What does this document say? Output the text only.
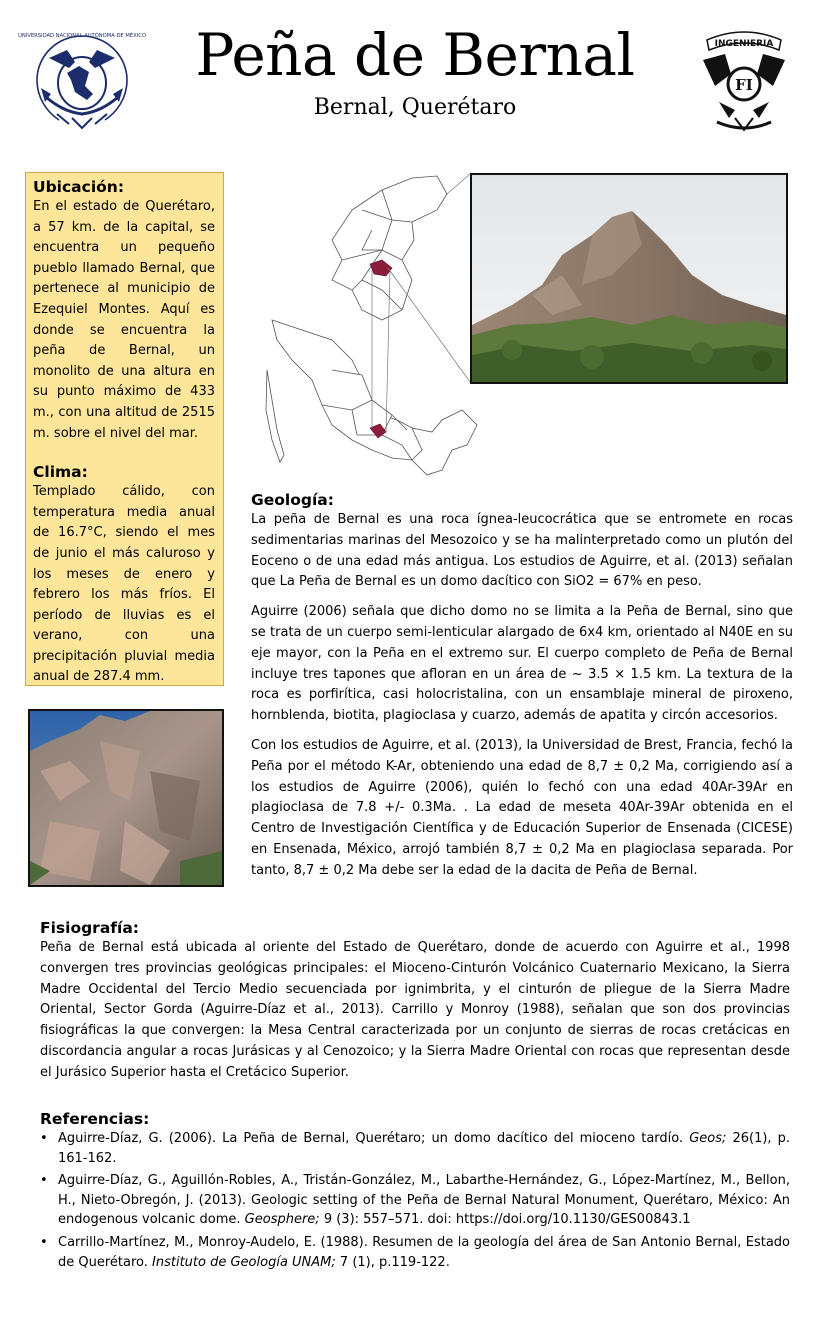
UNIVERSIDAD NACIONAL AUTÓNOMA DE MÉXICO Peña de Bernal
Bernal, Querétaro
INGENIERIA
FI
Ubicación:
En el estado de Querétaro, a 57 km. de la capital, se encuentra un pequeño pueblo llamado Bernal, que pertenece al municipio de Ezequiel Montes. Aquí es donde se encuentra la peña de Bernal, un monolito de una altura en su punto máximo de 433 m., con una altitud de 2515 m. sobre el nivel del mar.
Clima:
Templado cálido, con temperatura media anual de 16.7°C, siendo el mes de junio el más caluroso y los meses de enero y febrero los más fríos. El período de lluvias es el verano, con una precipitación pluvial media anual de 287.4 mm.
Geología:

La peña de Bernal es una roca ígnea-leucocrática que se entromete en rocas sedimentarias marinas del Mesozoico y se ha malinterpretado como un plutón del Eoceno o de una edad más antigua. Los estudios de Aguirre, et al. (2013) señalan que La Peña de Bernal es un domo dacítico con SiO2 = 67% en peso.

Aguirre (2006) señala que dicho domo no se limita a la Peña de Bernal, sino que se trata de un cuerpo semi-lenticular alargado de 6x4 km, orientado al N40E en su eje mayor, con la Peña en el extremo sur. El cuerpo completo de Peña de Bernal incluye tres tapones que afloran en un área de ~ 3.5 × 1.5 km. La textura de la roca es porfirítica, casi holocristalina, con un ensamblaje mineral de piroxeno, hornblenda, biotita, plagioclasa y cuarzo, además de apatita y circón accesorios.

Con los estudios de Aguirre, et al. (2013), la Universidad de Brest, Francia, fechó la Peña por el método K-Ar, obteniendo una edad de 8,7 ± 0,2 Ma, corrigiendo así a los estudios de Aguirre (2006), quién lo fechó con una edad 40Ar-39Ar en plagioclasa de 7.8 +/- 0.3Ma. . La edad de meseta 40Ar-39Ar obtenida en el Centro de Investigación Científica y de Educación Superior de Ensenada (CICESE) en Ensenada, México, arrojó también 8,7 ± 0,2 Ma en plagioclasa separada. Por tanto, 8,7 ± 0,2 Ma debe ser la edad de la dacita de Peña de Bernal.

Fisiografía:
Peña de Bernal está ubicada al oriente del Estado de Querétaro, donde de acuerdo con Aguirre et al., 1998 convergen tres provincias geológicas principales: el Mioceno-Cinturón Volcánico Cuaternario Mexicano, la Sierra Madre Occidental del Tercio Medio secuenciada por ignimbrita, y el cinturón de pliegue de la Sierra Madre Oriental, Sector Gorda (Aguirre-Díaz et al., 2013). Carrillo y Monroy (1988), señalan que son dos provincias fisiográficas la que convergen: la Mesa Central caracterizada por un conjunto de sierras de rocas cretácicas en discordancia angular a rocas Jurásicas y al Cenozoico; y la Sierra Madre Oriental con rocas que representan desde el Jurásico Superior hasta el Cretácico Superior.
Referencias:
• Aguirre-Díaz, G. (2006). La Peña de Bernal, Querétaro; un domo dacítico del mioceno tardío. Geos; 26(1), p. 161-162.
• Aguirre-Díaz, G., Aguillón-Robles, A., Tristán-González, M., Labarthe-Hernández, G., López-Martínez, M., Bellon, H., Nieto-Obregón, J. (2013). Geologic setting of the Peña de Bernal Natural Monument, Querétaro, México: An endogenous volcanic dome. Geosphere; 9 (3): 557–571. doi: https://doi.org/10.1130/GES00843.1
• Carrillo-Martínez, M., Monroy-Audelo, E. (1988). Resumen de la geología del área de San Antonio Bernal, Estado de Querétaro. Instituto de Geología UNAM; 7 (1), p.119-122.
